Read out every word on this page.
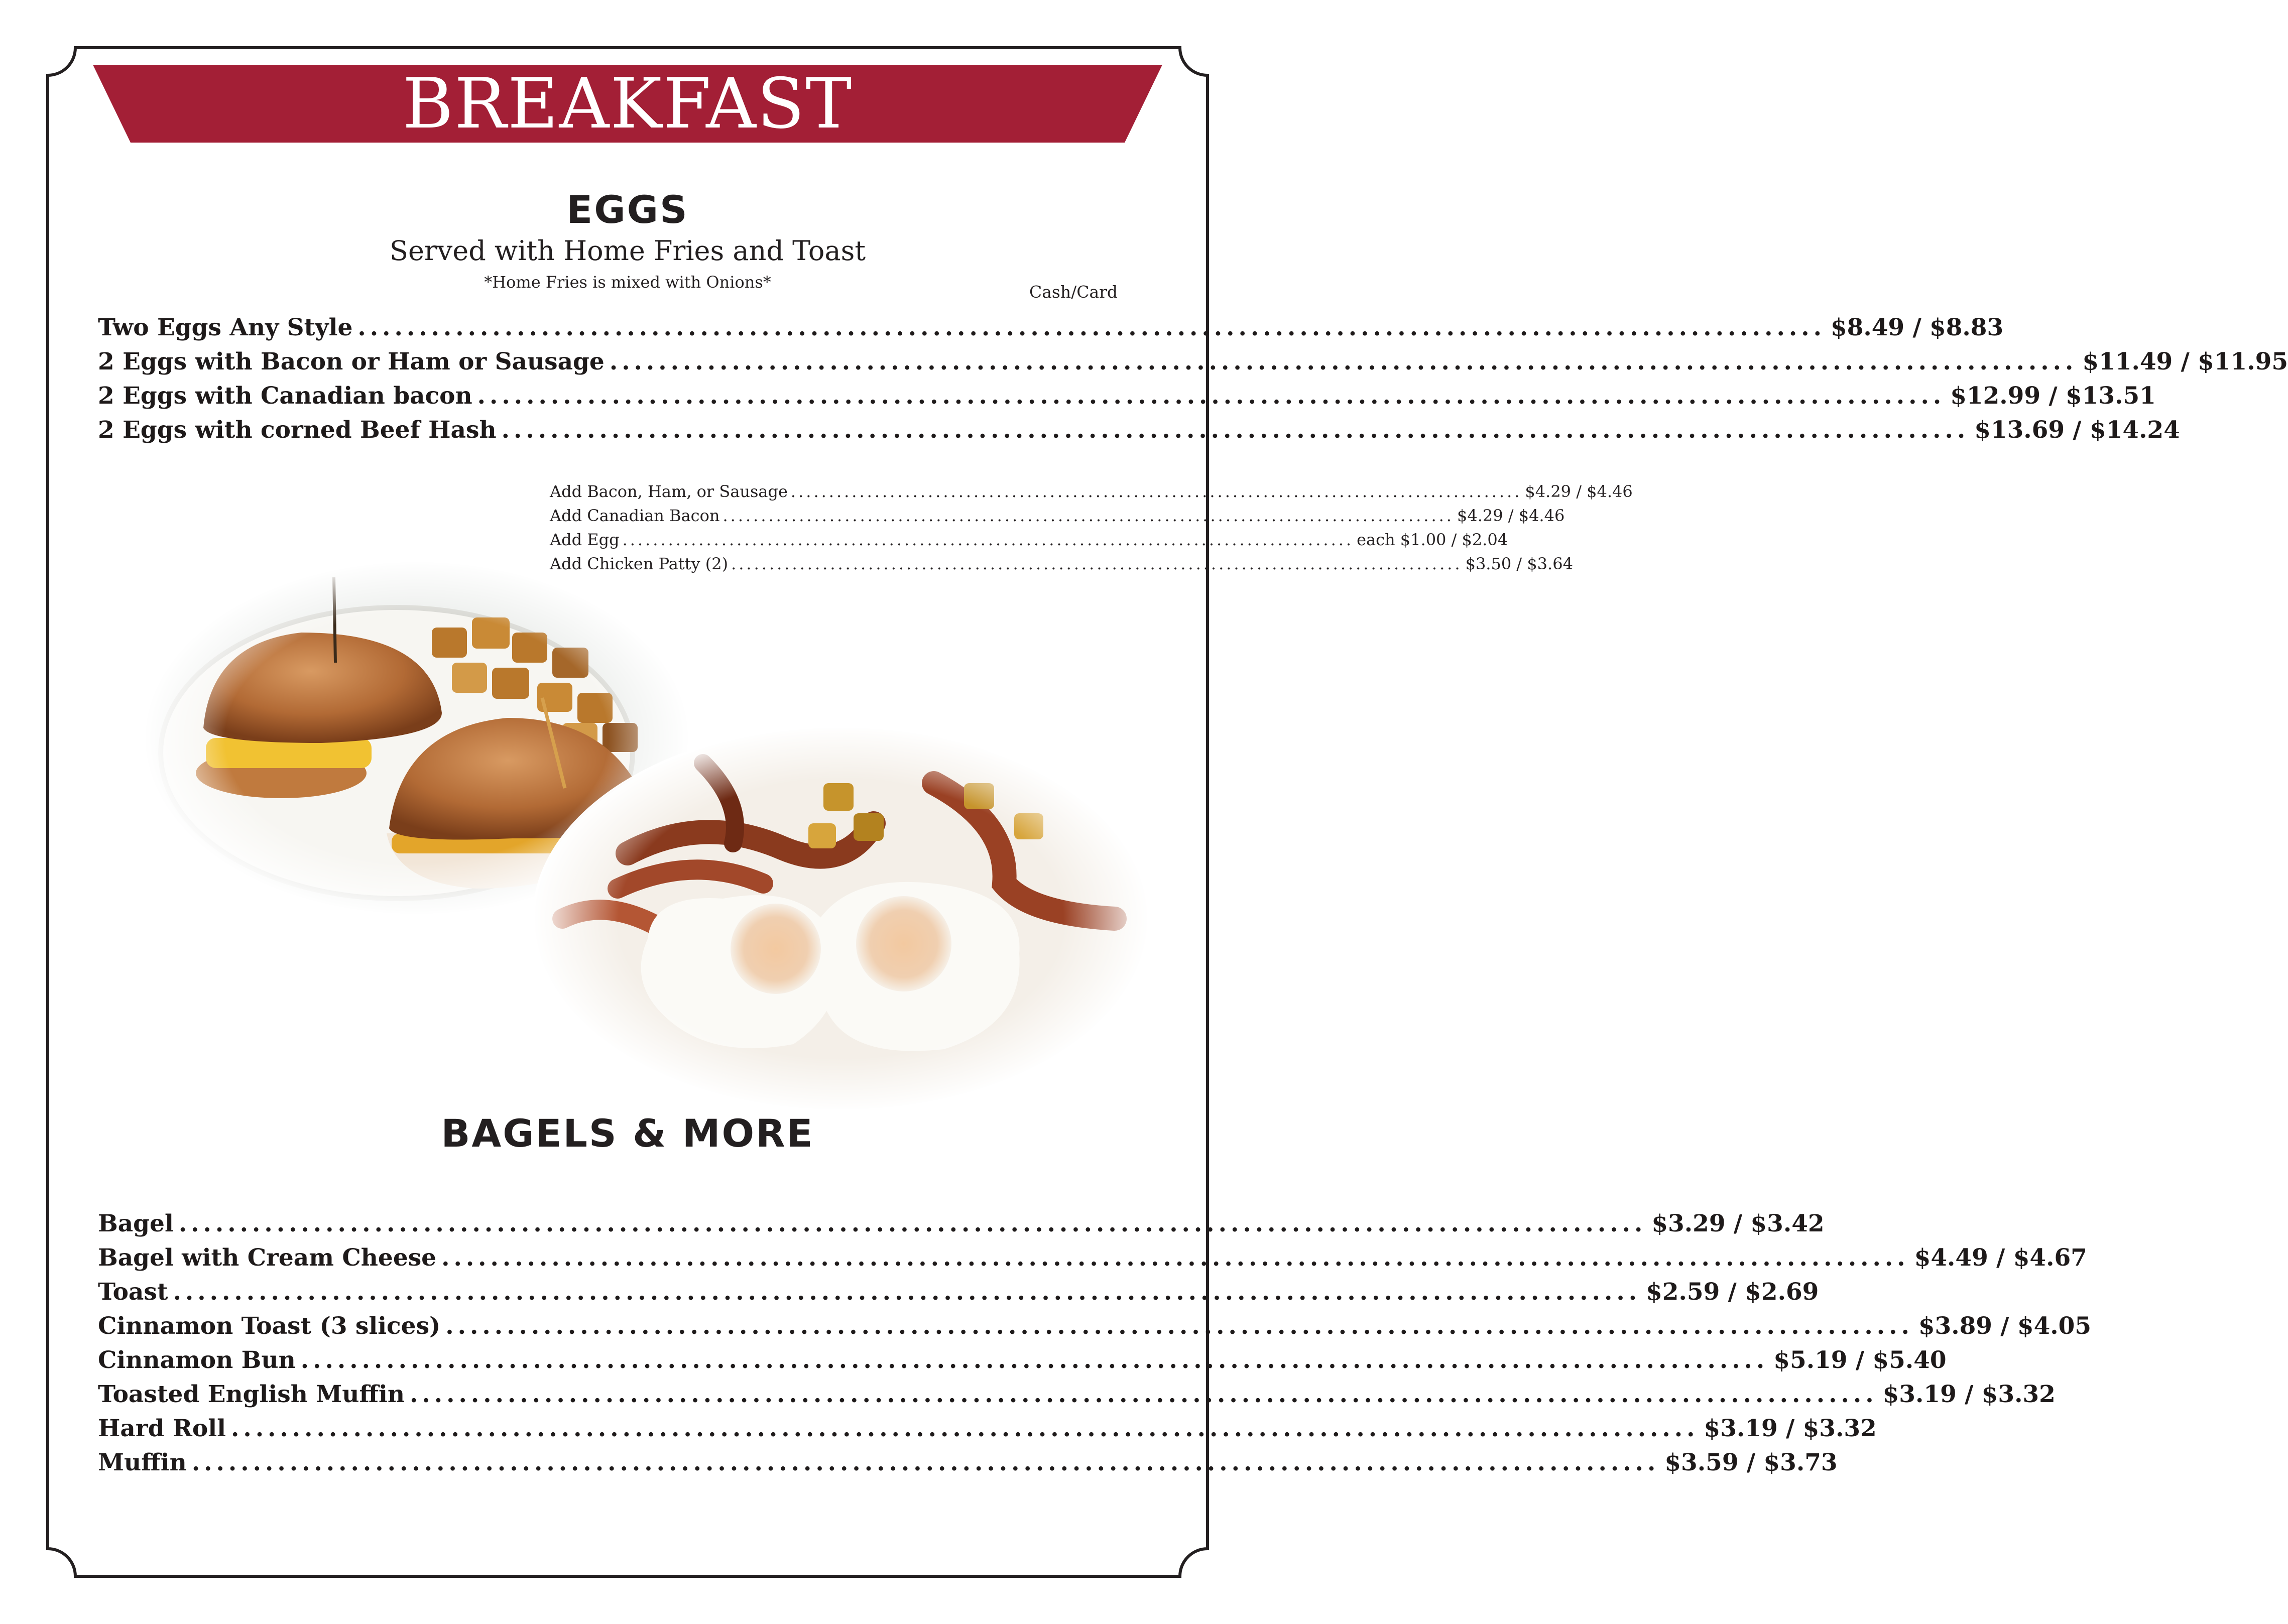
BREAKFAST
EGGS
Served with Home Fries and Toast
*Home Fries is mixed with Onions*	Cash/Card
Two Eggs Any Style ........................................................................................................................ $8.49 / $8.83
2 Eggs with Bacon or Ham or Sausage ........................................................................................................................ $11.49 / $11.95
2 Eggs with Canadian bacon ........................................................................................................................ $12.99 / $13.51
2 Eggs with corned Beef Hash ........................................................................................................................ $13.69 / $14.24
Add Bacon, Ham, or Sausage ................................................................................................ $4.29 / $4.46
Add Canadian Bacon ................................................................................................ $4.29 / $4.46
Add Egg ................................................................................................ each $1.00 / $2.04
Add Chicken Patty (2) ................................................................................................ $3.50 / $3.64
BAGELS & MORE
Bagel ........................................................................................................................ $3.29 / $3.42
Bagel with Cream Cheese ........................................................................................................................ $4.49 / $4.67
Toast ........................................................................................................................ $2.59 / $2.69
Cinnamon Toast (3 slices) ........................................................................................................................ $3.89 / $4.05
Cinnamon Bun ........................................................................................................................ $5.19 / $5.40
Toasted English Muffin ........................................................................................................................ $3.19 / $3.32
Hard Roll ........................................................................................................................ $3.19 / $3.32
Muffin ........................................................................................................................ $3.59 / $3.73
